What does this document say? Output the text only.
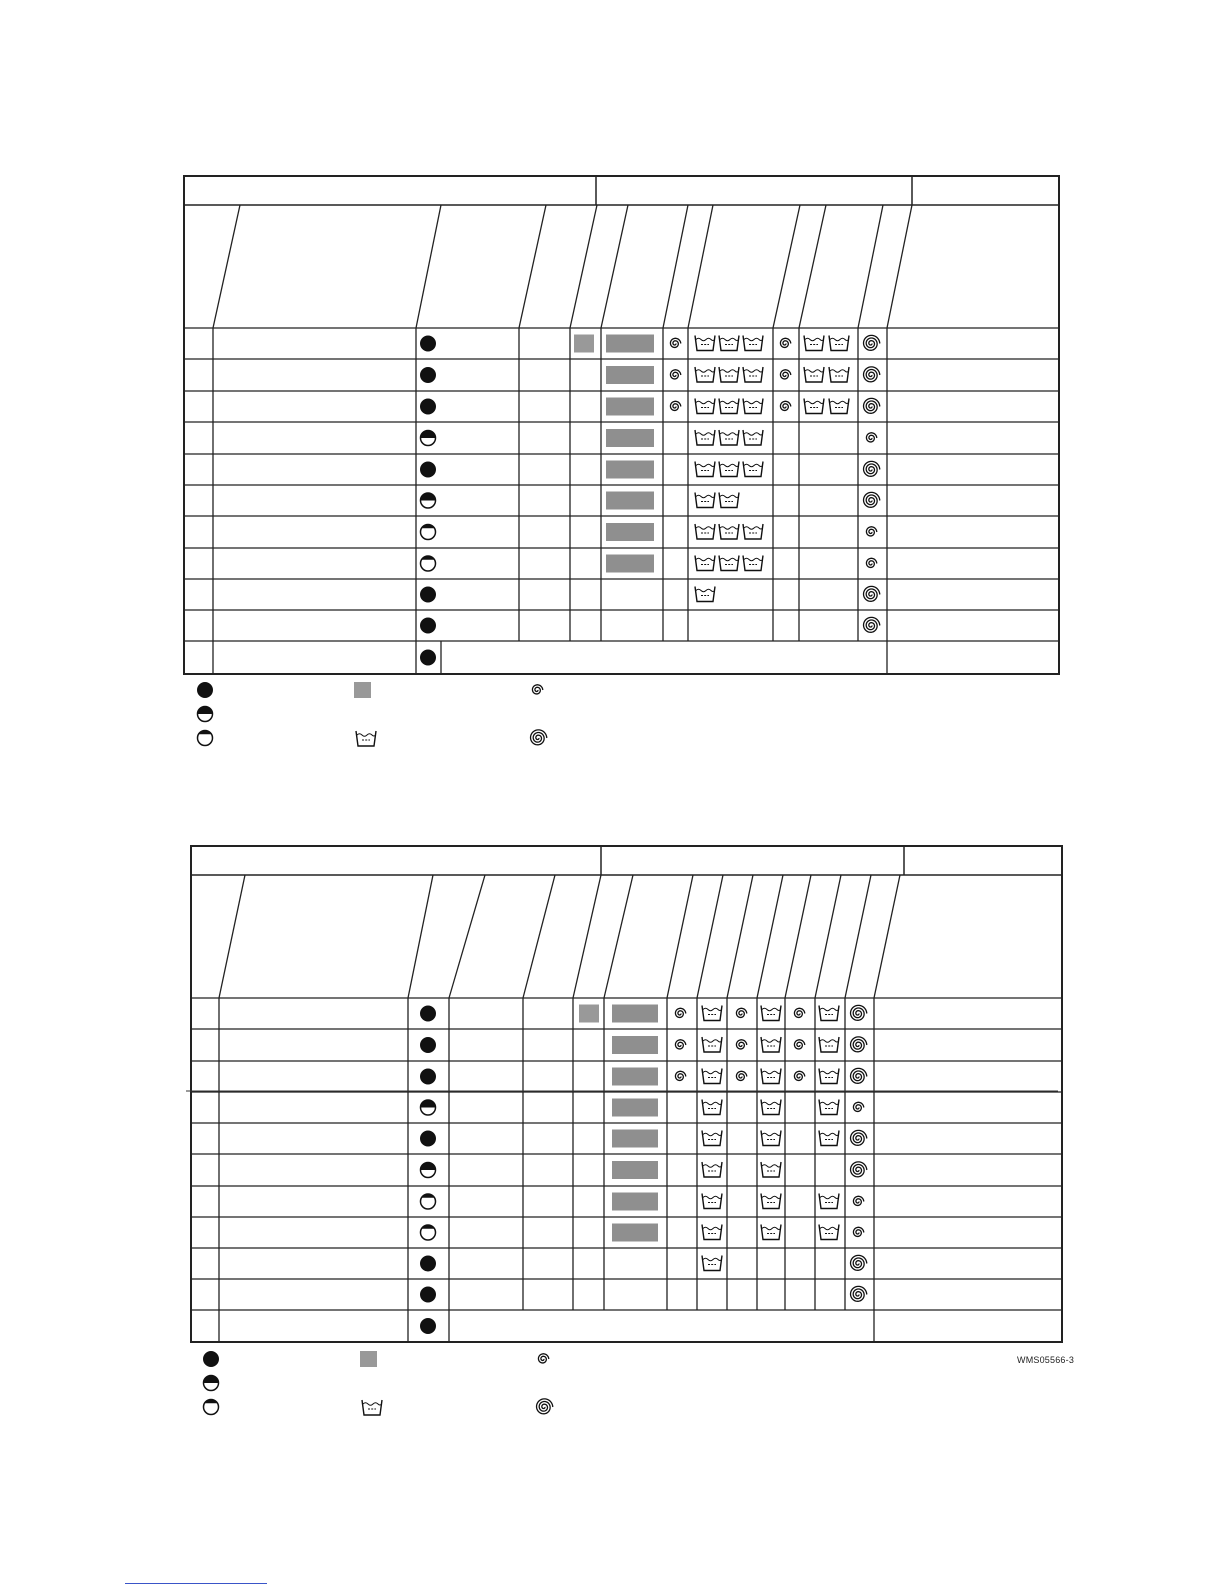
WMS05566-3
